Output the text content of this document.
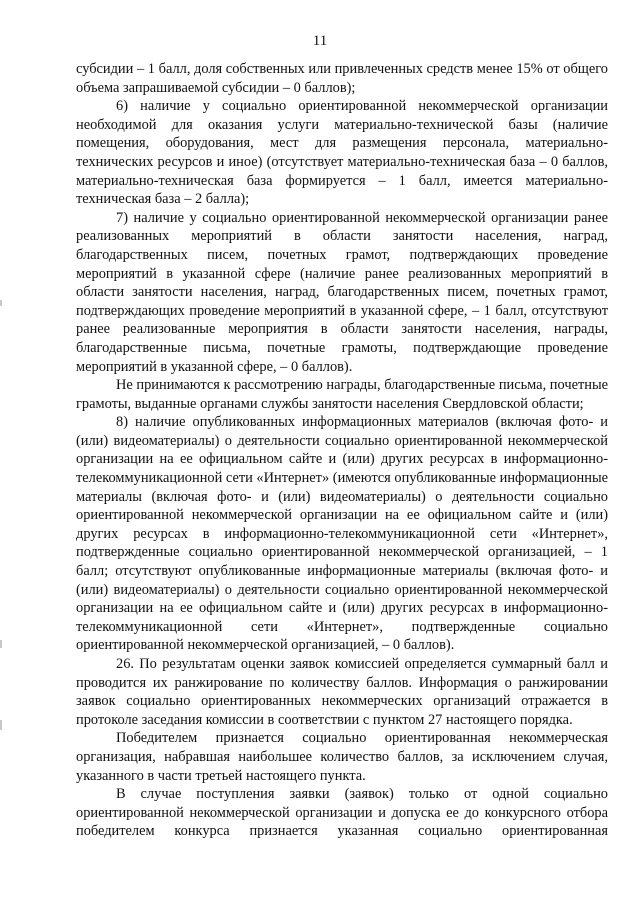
11

субсидии – 1 балл, доля собственных или привлеченных средств менее 15% от общего объема запрашиваемой субсидии – 0 баллов);

6) наличие у социально ориентированной некоммерческой организации необходимой для оказания услуги материально-технической базы (наличие помещения, оборудования, мест для размещения персонала, материально-технических ресурсов и иное) (отсутствует материально-техническая база – 0 баллов, материально-техническая база формируется – 1 балл, имеется материально-техническая база – 2 балла);

7) наличие у социально ориентированной некоммерческой организации ранее реализованных мероприятий в области занятости населения, наград, благодарственных писем, почетных грамот, подтверждающих проведение мероприятий в указанной сфере (наличие ранее реализованных мероприятий в области занятости населения, наград, благодарственных писем, почетных грамот, подтверждающих проведение мероприятий в указанной сфере, – 1 балл, отсутствуют ранее реализованные мероприятия в области занятости населения, награды, благодарственные письма, почетные грамоты, подтверждающие проведение мероприятий в указанной сфере, – 0 баллов).

Не принимаются к рассмотрению награды, благодарственные письма, почетные грамоты, выданные органами службы занятости населения Свердловской области;

8) наличие опубликованных информационных материалов (включая фото- и (или) видеоматериалы) о деятельности социально ориентированной некоммерческой организации на ее официальном сайте и (или) других ресурсах в информационно-телекоммуникационной сети «Интернет» (имеются опубликованные информационные материалы (включая фото- и (или) видеоматериалы) о деятельности социально ориентированной некоммерческой организации на ее официальном сайте и (или) других ресурсах в информационно-телекоммуникационной сети «Интернет», подтвержденные социально ориентированной некоммерческой организацией, – 1 балл; отсутствуют опубликованные информационные материалы (включая фото- и (или) видеоматериалы) о деятельности социально ориентированной некоммерческой организации на ее официальном сайте и (или) других ресурсах в информационно-телекоммуникационной сети «Интернет», подтвержденные социально ориентированной некоммерческой организацией, – 0 баллов).

26. По результатам оценки заявок комиссией определяется суммарный балл и проводится их ранжирование по количеству баллов. Информация о ранжировании заявок социально ориентированных некоммерческих организаций отражается в протоколе заседания комиссии в соответствии с пунктом 27 настоящего порядка.

Победителем признается социально ориентированная некоммерческая организация, набравшая наибольшее количество баллов, за исключением случая, указанного в части третьей настоящего пункта.

В случае поступления заявки (заявок) только от одной социально ориентированной некоммерческой организации и допуска ее до конкурсного отбора победителем конкурса признается указанная социально ориентированная
